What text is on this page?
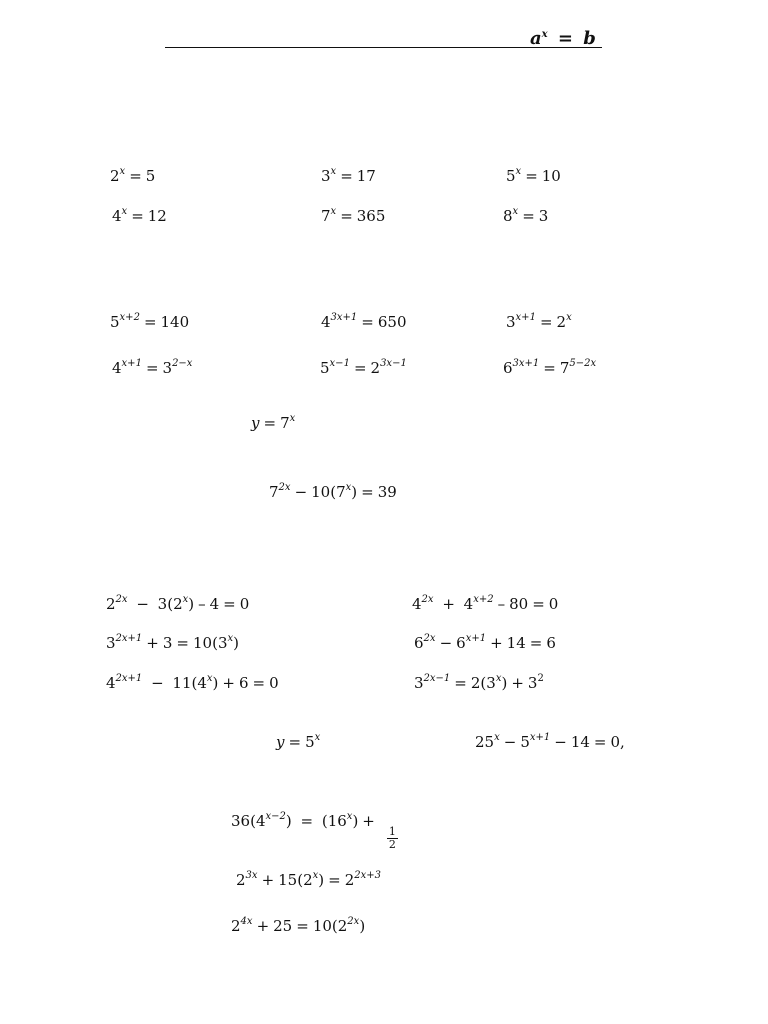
$a^x = b$
$2^x = 5$	$3^x = 17$	$5^x = 10$
$4^x = 12$	$7^x = 365$	$8^x = 3$
$5^{x+2} = 140$	$4^{3x+1} = 650$	$3^{x+1} = 2^x$
$4^{x+1} = 3^{2-x}$	$5^{x-1} = 2^{3x-1}$	$6^{3x+1} = 7^{5-2x}$
$y = 7^x$
$7^{2x} - 10(7^x) = 39$
$2^{2x} - 3(2^x) - 4 = 0$	$4^{2x} + 4^{x+2} - 80 = 0$
$3^{2x+1} + 3 = 10(3^x)$	$6^{2x} - 6^{x+1} + 14 = 6$
$4^{2x+1} - 11(4^x) + 6 = 0$	$3^{2x-1} = 2(3^x) + 3^2$
$y = 5^x$	$25^x - 5^{x+1} - 14 = 0$,
$36(4^{x-2}) = (16^x)$ +
$\frac{1}{2}$
$2^{3x} + 15(2^x) = 2^{2x+3}$
$2^{4x} + 25 = 10(2^{2x})$
